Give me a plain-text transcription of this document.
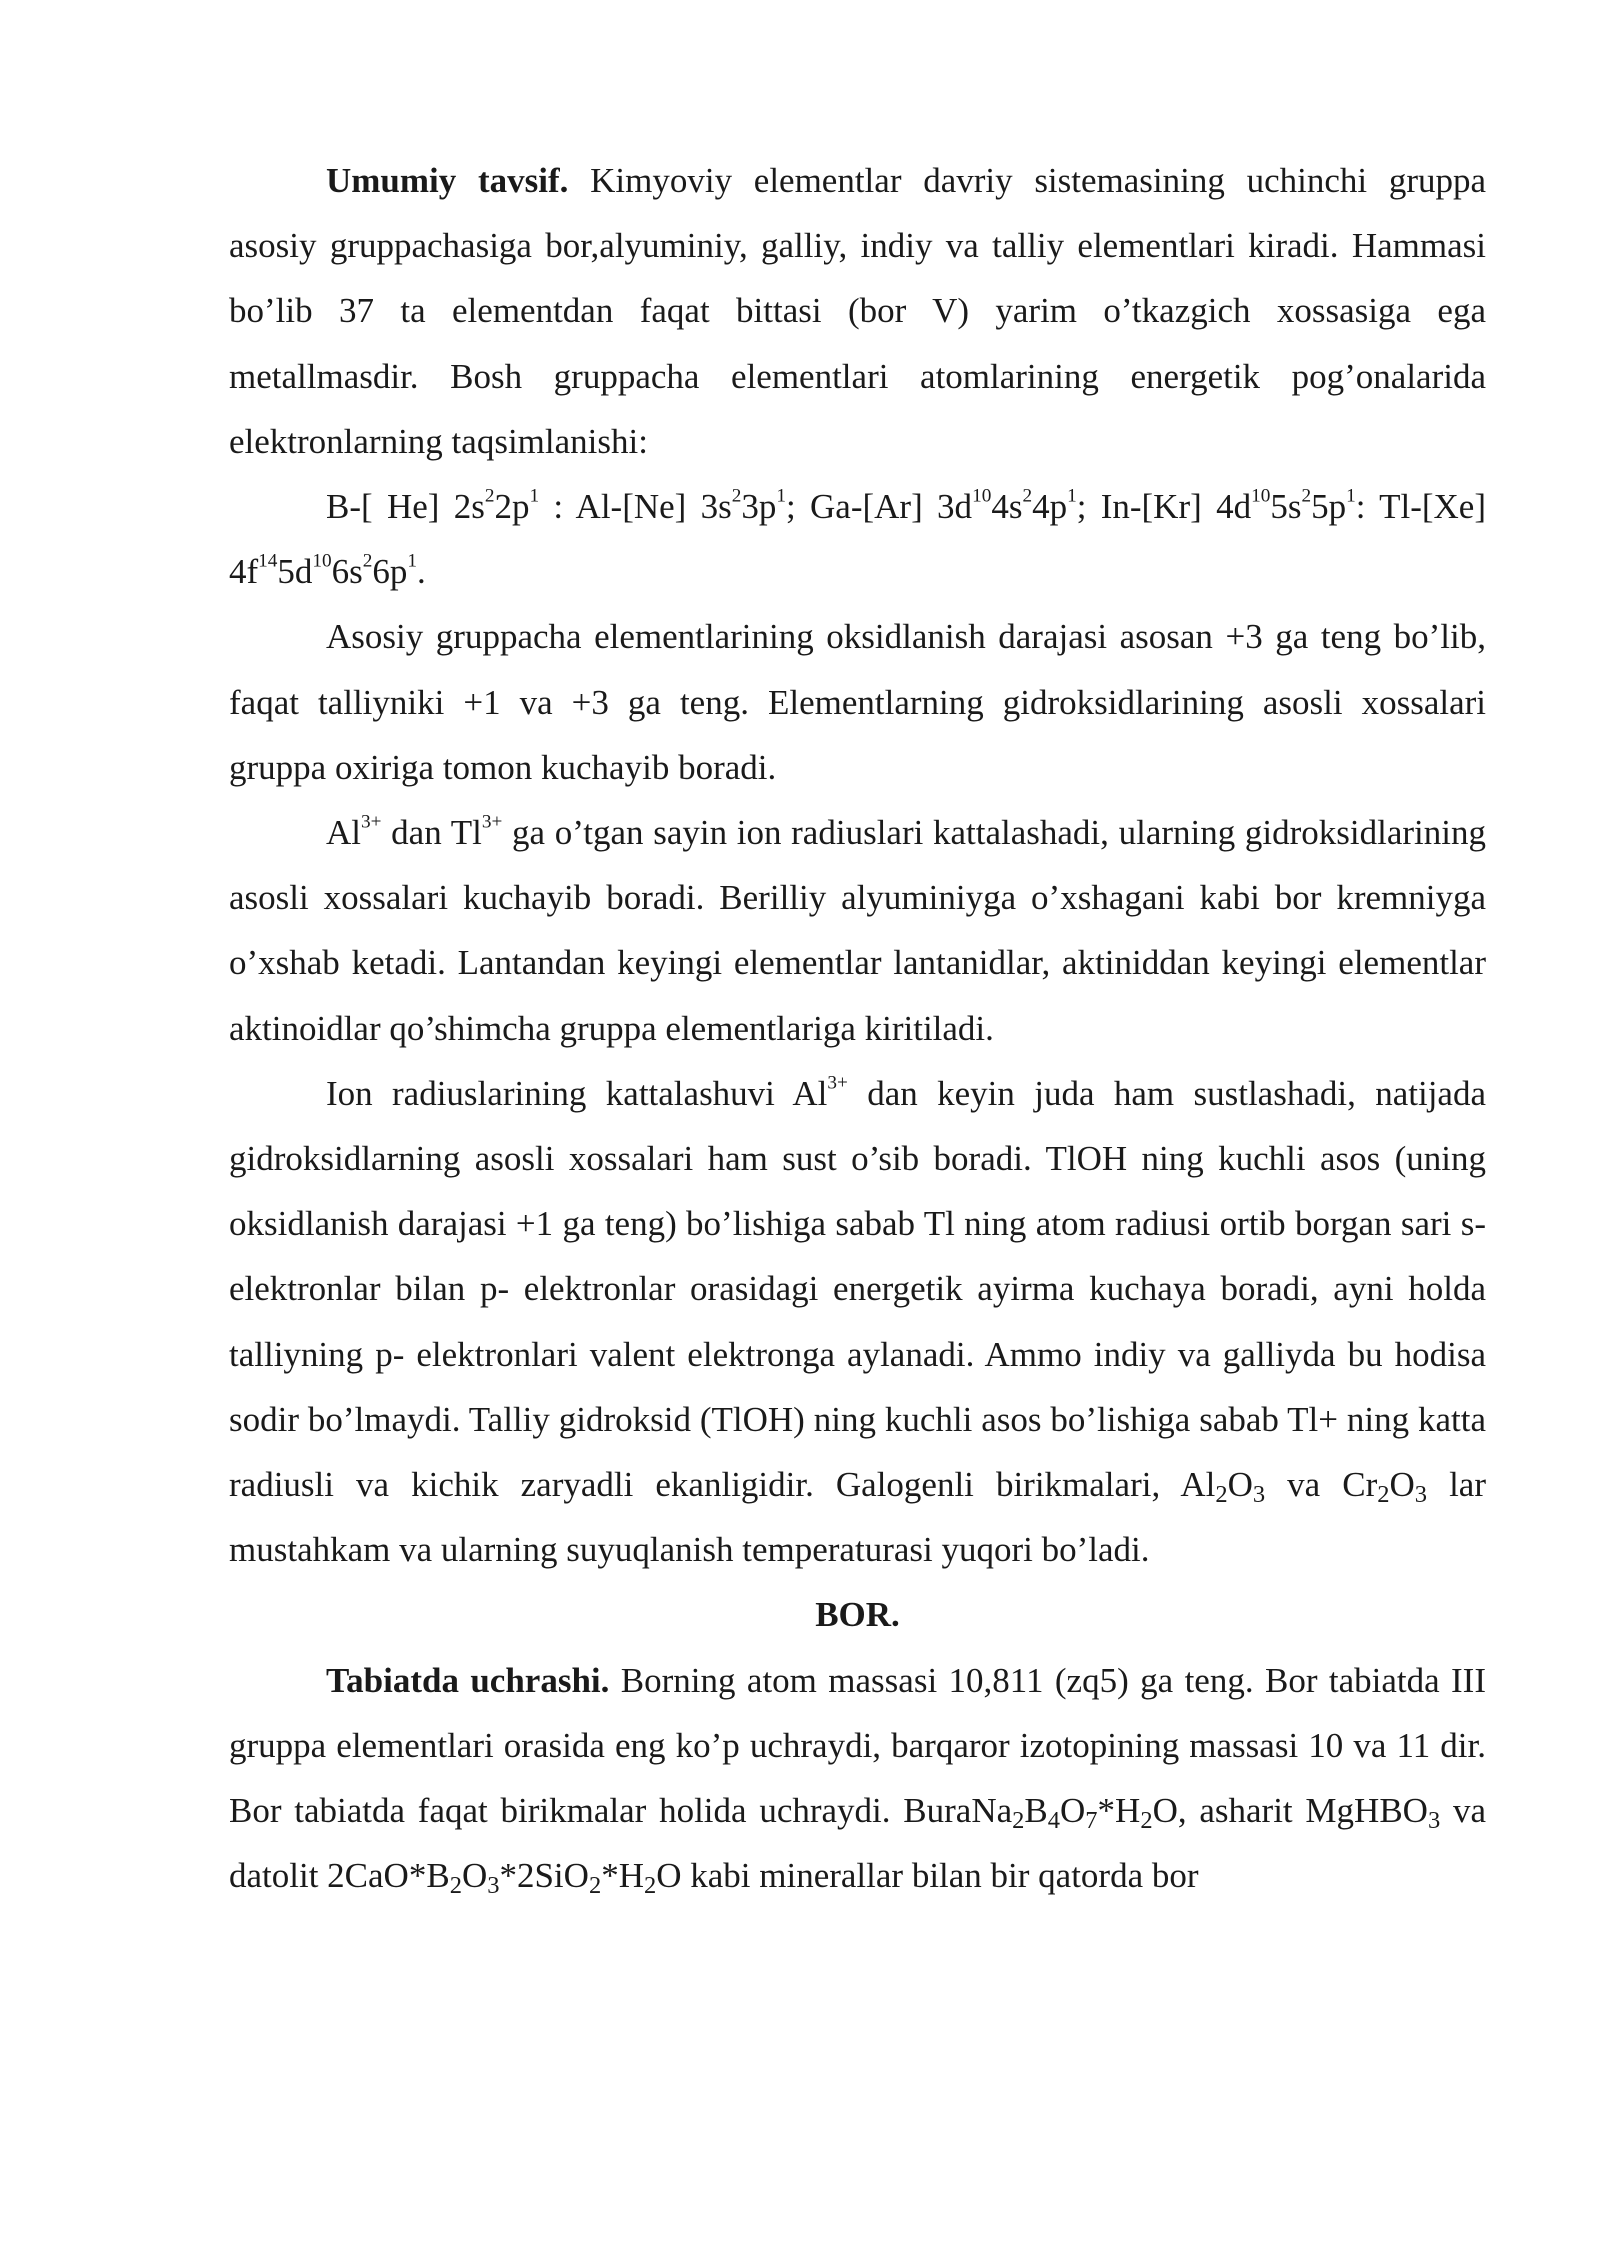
Umumiy tavsif. Kimyoviy elementlar davriy sistemasining uchinchi gruppa asosiy gruppachasiga bor,alyuminiy, galliy, indiy va talliy elementlari kiradi. Hammasi bo’lib 37 ta elementdan faqat bittasi (bor V) yarim o’tkazgich xossasiga ega metallmasdir. Bosh gruppacha elementlari atomlarining energetik pog’onalarida elektronlarning taqsimlanishi:

B-[ He] $2s^22p^1$ : Al-[Ne] $3s^23p^1$; Ga-[Ar] $3d^{10}4s^24p^1$; In-[Kr] $4d^{10}5s^25p^1$: Tl-[Xe] $4f^{14}5d^{10}6s^26p^1$.

Asosiy gruppacha elementlarining oksidlanish darajasi asosan +3 ga teng bo’lib, faqat talliyniki +1 va +3 ga teng. Elementlarning gidroksidlarining asosli xossalari gruppa oxiriga tomon kuchayib boradi.

$Al^{3+}$ dan $Tl^{3+}$ ga o’tgan sayin ion radiuslari kattalashadi, ularning gidroksidlarining asosli xossalari kuchayib boradi. Berilliy alyuminiyga o’xshagani kabi bor kremniyga o’xshab ketadi. Lantandan keyingi elementlar lantanidlar, aktiniddan keyingi elementlar aktinoidlar qo’shimcha gruppa elementlariga kiritiladi.

Ion radiuslarining kattalashuvi $Al^{3+}$ dan keyin juda ham sustlashadi, natijada gidroksidlarning asosli xossalari ham sust o’sib boradi. TlOH ning kuchli asos (uning oksidlanish darajasi +1 ga teng) bo’lishiga sabab Tl ning atom radiusi ortib borgan sari s- elektronlar bilan p- elektronlar orasidagi energetik ayirma kuchaya boradi, ayni holda talliyning p- elektronlari valent elektronga aylanadi. Ammo indiy va galliyda bu hodisa sodir bo’lmaydi. Talliy gidroksid (TlOH) ning kuchli asos bo’lishiga sabab Tl+ ning katta radiusli va kichik zaryadli ekanligidir. Galogenli birikmalari, $Al_2O_3$ va $Cr_2O_3$ lar mustahkam va ularning suyuqlanish temperaturasi yuqori bo’ladi.

BOR.

Tabiatda uchrashi. Borning atom massasi 10,811 (zq5) ga teng. Bor tabiatda III gruppa elementlari orasida eng ko’p uchraydi, barqaror izotopining massasi 10 va 11 dir. Bor tabiatda faqat birikmalar holida uchraydi. $BuraNa_2B_4O_7*H_2O$, asharit MgHBO$_3$ va datolit $2CaO*B_2O_3*2SiO_2*H_2O$ kabi minerallar bilan bir qatorda bor
